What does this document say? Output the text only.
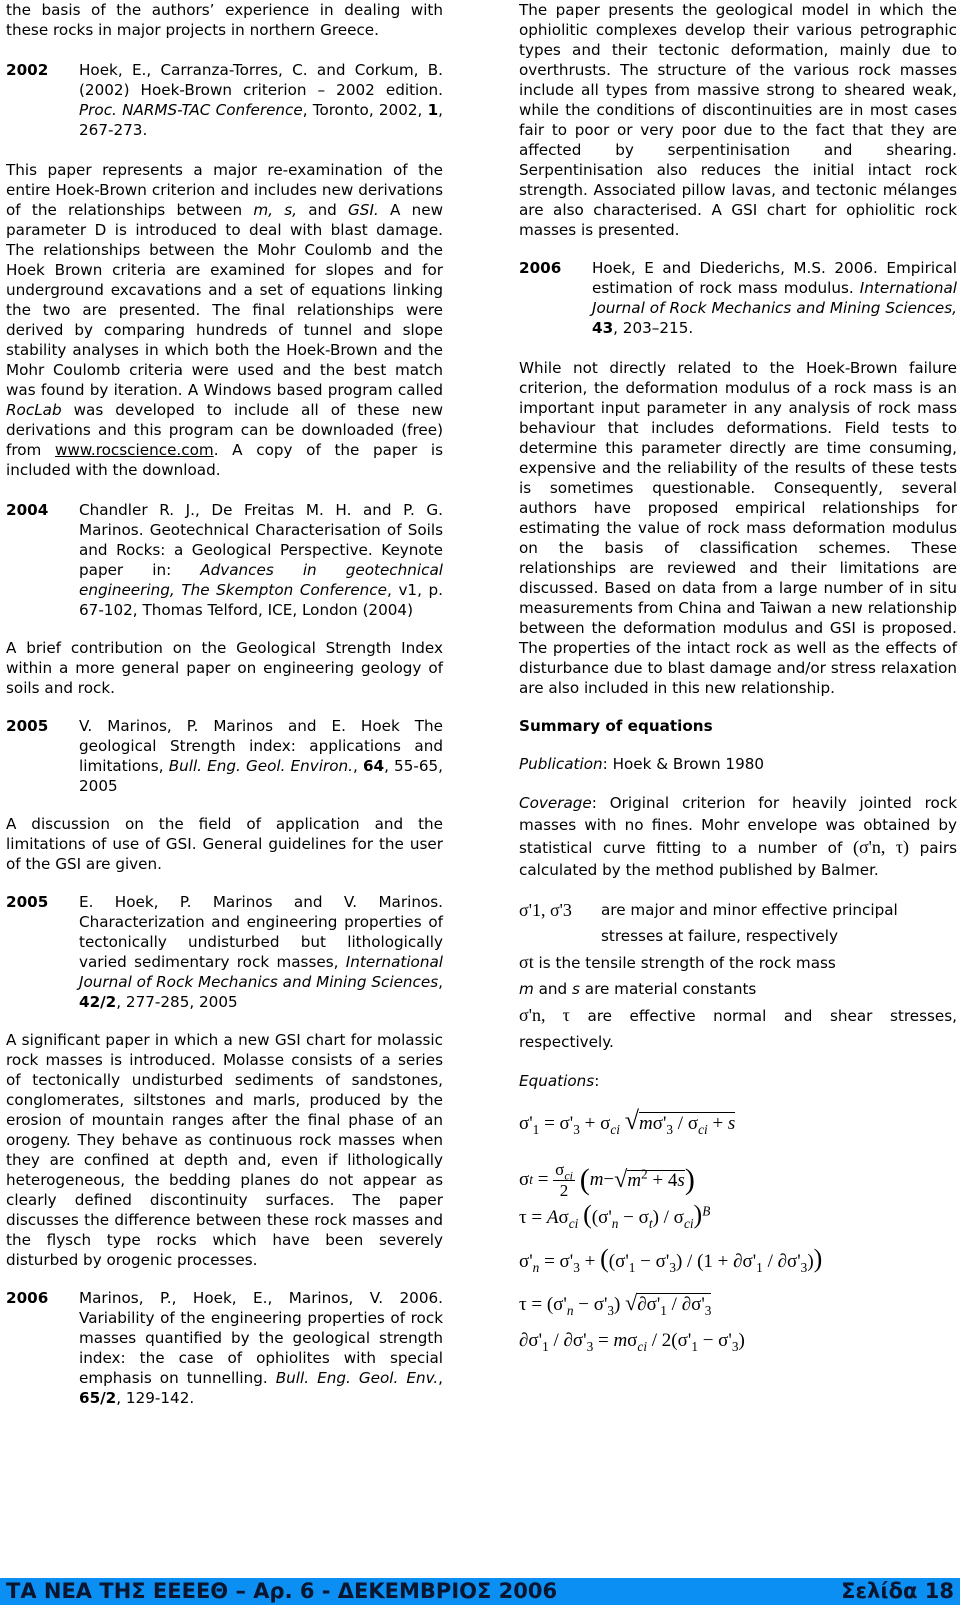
the basis of the authors’ experience in dealing with these rocks in major projects in northern Greece.

2002	Hoek, E., Carranza-Torres, C. and Corkum, B. (2002) Hoek-Brown criterion – 2002 edition. Proc. NARMS-TAC Conference, Toronto, 2002, 1, 267-273.

This paper represents a major re-examination of the entire Hoek-Brown criterion and includes new derivations of the relationships between m, s, and GSI. A new parameter D is introduced to deal with blast damage. The relationships between the Mohr Coulomb and the Hoek Brown criteria are examined for slopes and for underground excavations and a set of equations linking the two are presented. The final relationships were derived by comparing hundreds of tunnel and slope stability analyses in which both the Hoek-Brown and the Mohr Coulomb criteria were used and the best match was found by iteration. A Windows based program called RocLab was developed to include all of these new derivations and this program can be downloaded (free) from www.rocscience.com. A copy of the paper is included with the download.

2004	Chandler R. J., De Freitas M. H. and P. G. Marinos. Geotechnical Characterisation of Soils and Rocks: a Geological Perspective. Keynote paper in: Advances in geotechnical engineering, The Skempton Conference, v1, p. 67-102, Thomas Telford, ICE, London (2004)

A brief contribution on the Geological Strength Index within a more general paper on engineering geology of soils and rock.

2005	V. Marinos, P. Marinos and E. Hoek The geological Strength index: applications and limitations, Bull. Eng. Geol. Environ., 64, 55-65, 2005

A discussion on the field of application and the limitations of use of GSI. General guidelines for the user of the GSI are given.

2005	E. Hoek, P. Marinos and V. Marinos. Characterization and engineering properties of tectonically undisturbed but lithologically varied sedimentary rock masses, International Journal of Rock Mechanics and Mining Sciences, 42/2, 277-285, 2005

A significant paper in which a new GSI chart for molassic rock masses is introduced. Molasse consists of a series of tectonically undisturbed sediments of sandstones, conglomerates, siltstones and marls, produced by the erosion of mountain ranges after the final phase of an orogeny. They behave as continuous rock masses when they are confined at depth and, even if lithologically heterogeneous, the bedding planes do not appear as clearly defined discontinuity surfaces. The paper discusses the difference between these rock masses and the flysch type rocks which have been severely disturbed by orogenic processes.

2006	Marinos, P., Hoek, E., Marinos, V. 2006. Variability of the engineering properties of rock masses quantified by the geological strength index: the case of ophiolites with special emphasis on tunnelling. Bull. Eng. Geol. Env., 65/2, 129-142.

The paper presents the geological model in which the ophiolitic complexes develop their various petrographic types and their tectonic deformation, mainly due to overthrusts. The structure of the various rock masses include all types from massive strong to sheared weak, while the conditions of discontinuities are in most cases fair to poor or very poor due to the fact that they are affected by serpentinisation and shearing. Serpentinisation also reduces the initial intact rock strength. Associated pillow lavas, and tectonic mélanges are also characterised. A GSI chart for ophiolitic rock masses is presented.

2006	Hoek, E and Diederichs, M.S. 2006. Empirical estimation of rock mass modulus. International Journal of Rock Mechanics and Mining Sciences, 43, 203–215.

While not directly related to the Hoek-Brown failure criterion, the deformation modulus of a rock mass is an important input parameter in any analysis of rock mass behaviour that includes deformations. Field tests to determine this parameter directly are time consuming, expensive and the reliability of the results of these tests is sometimes questionable. Consequently, several authors have proposed empirical relationships for estimating the value of rock mass deformation modulus on the basis of classification schemes. These relationships are reviewed and their limitations are discussed. Based on data from a large number of in situ measurements from China and Taiwan a new relationship between the deformation modulus and GSI is proposed. The properties of the intact rock as well as the effects of disturbance due to blast damage and/or stress relaxation are also included in this new relationship.

Summary of equations

Publication: Hoek & Brown 1980

Coverage: Original criterion for heavily jointed rock masses with no fines. Mohr envelope was obtained by statistical curve fitting to a number of (σ'n, τ) pairs calculated by the method published by Balmer.

σ'1, σ'3	are major and minor effective principal stresses at failure, respectively
σt is the tensile strength of the rock mass
m and s are material constants
σ'n, τ are effective normal and shear stresses, respectively.

Equations:

$\sigma'_1 = \sigma'_3 + \sigma_{ci}$ $√m\sigma'_3 / \sigma_{ci} + s$
σ $t = \sigma_{ci}$
2
( m − √ $m^2 + 4s$ )
$\tau = A\sigma_{ci}$ $((\sigma'_n - \sigma_t) / \sigma_{ci})^B$
$\sigma'_n = \sigma'_3 + ((\sigma'_1 - \sigma'_3) / (1 + \partial\sigma'_1 / \partial\sigma'_3))$
$\tau = (\sigma'_n - \sigma'_3)$ $√\partial\sigma'_1 / \partial\sigma'_3$
$\partial\sigma'_1 / \partial\sigma'_3 = m\sigma_{ci} / 2(\sigma'_1 - \sigma'_3)$
ΤΑ ΝΕΑ ΤΗΣ ΕΕΕΕΘ – Αρ. 6 - ΔΕΚΕΜΒΡΙΟΣ 2006	Σελίδα 18
